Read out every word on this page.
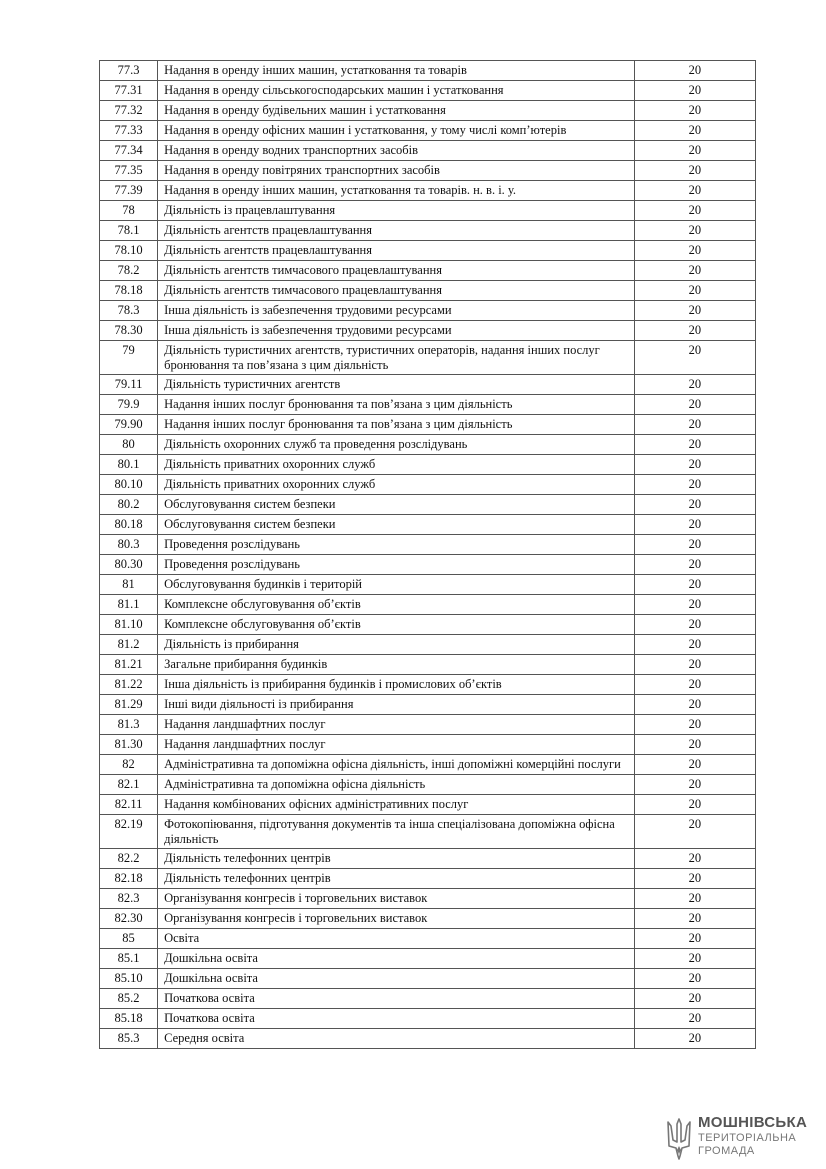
77.3	Надання в оренду інших машин, устатковання та товарів	20
77.31	Надання в оренду сільськогосподарських машин і устатковання	20
77.32	Надання в оренду будівельних машин і устатковання	20
77.33	Надання в оренду офісних машин і устатковання, у тому числі комп’ютерів	20
77.34	Надання в оренду водних транспортних засобів	20
77.35	Надання в оренду повітряних транспортних засобів	20
77.39	Надання в оренду інших машин, устатковання та товарів. н. в. і. у.	20
78	Діяльність із працевлаштування	20
78.1	Діяльність агентств працевлаштування	20
78.10	Діяльність агентств працевлаштування	20
78.2	Діяльність агентств тимчасового працевлаштування	20
78.18	Діяльність агентств тимчасового працевлаштування	20
78.3	Інша діяльність із забезпечення трудовими ресурсами	20
78.30	Інша діяльність із забезпечення трудовими ресурсами	20
79	Діяльність туристичних агентств, туристичних операторів, надання інших послуг бронювання та пов’язана з цим діяльність	20
79.11	Діяльність туристичних агентств	20
79.9	Надання інших послуг бронювання та пов’язана з цим діяльність	20
79.90	Надання інших послуг бронювання та пов’язана з цим діяльність	20
80	Діяльність охоронних служб та проведення розслідувань	20
80.1	Діяльність приватних охоронних служб	20
80.10	Діяльність приватних охоронних служб	20
80.2	Обслуговування систем безпеки	20
80.18	Обслуговування систем безпеки	20
80.3	Проведення розслідувань	20
80.30	Проведення розслідувань	20
81	Обслуговування будинків і територій	20
81.1	Комплексне обслуговування об’єктів	20
81.10	Комплексне обслуговування об’єктів	20
81.2	Діяльність із прибирання	20
81.21	Загальне прибирання будинків	20
81.22	Інша діяльність із прибирання будинків і промислових об’єктів	20
81.29	Інші види діяльності із прибирання	20
81.3	Надання ландшафтних послуг	20
81.30	Надання ландшафтних послуг	20
82	Адміністративна та допоміжна офісна діяльність, інші допоміжні комерційні послуги	20
82.1	Адміністративна та допоміжна офісна діяльність	20
82.11	Надання комбінованих офісних адміністративних послуг	20
82.19	Фотокопіювання, підготування документів та інша спеціалізована допоміжна офісна діяльність	20
82.2	Діяльність телефонних центрів	20
82.18	Діяльність телефонних центрів	20
82.3	Організування конгресів і торговельних виставок	20
82.30	Організування конгресів і торговельних виставок	20
85	Освіта	20
85.1	Дошкільна освіта	20
85.10	Дошкільна освіта	20
85.2	Початкова освіта	20
85.18	Початкова освіта	20
85.3	Середня освіта	20
МОШНІВСЬКА
ТЕРИТОРІАЛЬНА
ГРОМАДА
